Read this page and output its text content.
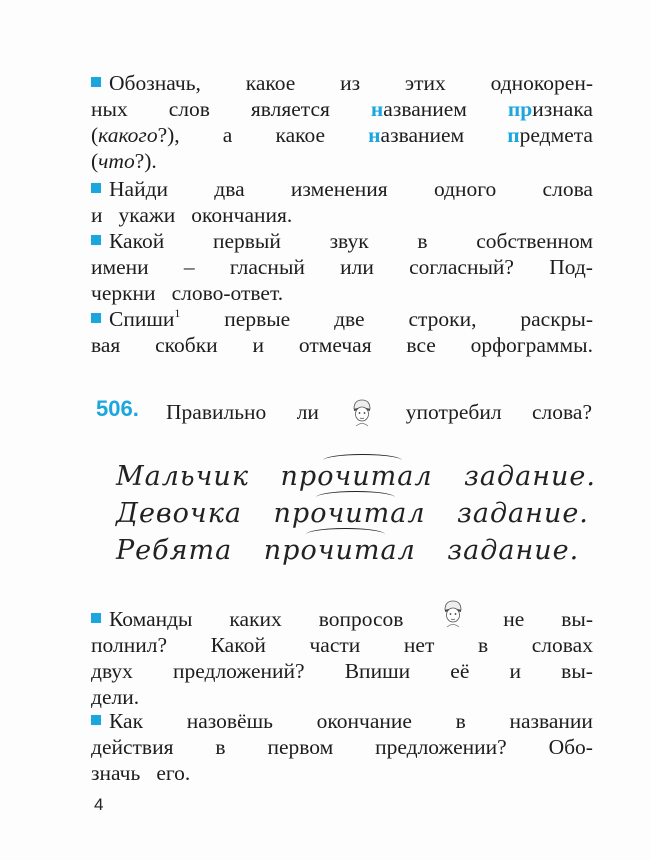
Обозначь, какое из этих однокорен-
ных слов является названием признака
(какого?), а какое названием предмета
(что?).
Найди два изменения одного слова
и укажи окончания.
Какой первый звук в собственном
имени – гласный или согласный? Под-
черкни слово-ответ.
Спиши$^1$ первые две строки, раскры-
вая скобки и отмечая все орфограммы.
506. Правильно ли	употребил слова?
Мальчик прочитал задание.
Девочка прочитал задание.
Ребята прочитал задание.
Команды каких вопросов	не вы-
полнил? Какой части нет в словах
двух предложений? Впиши её и вы-
дели.
Как назовёшь окончание в названии
действия в первом предложении? Обо-
значь его.
4
